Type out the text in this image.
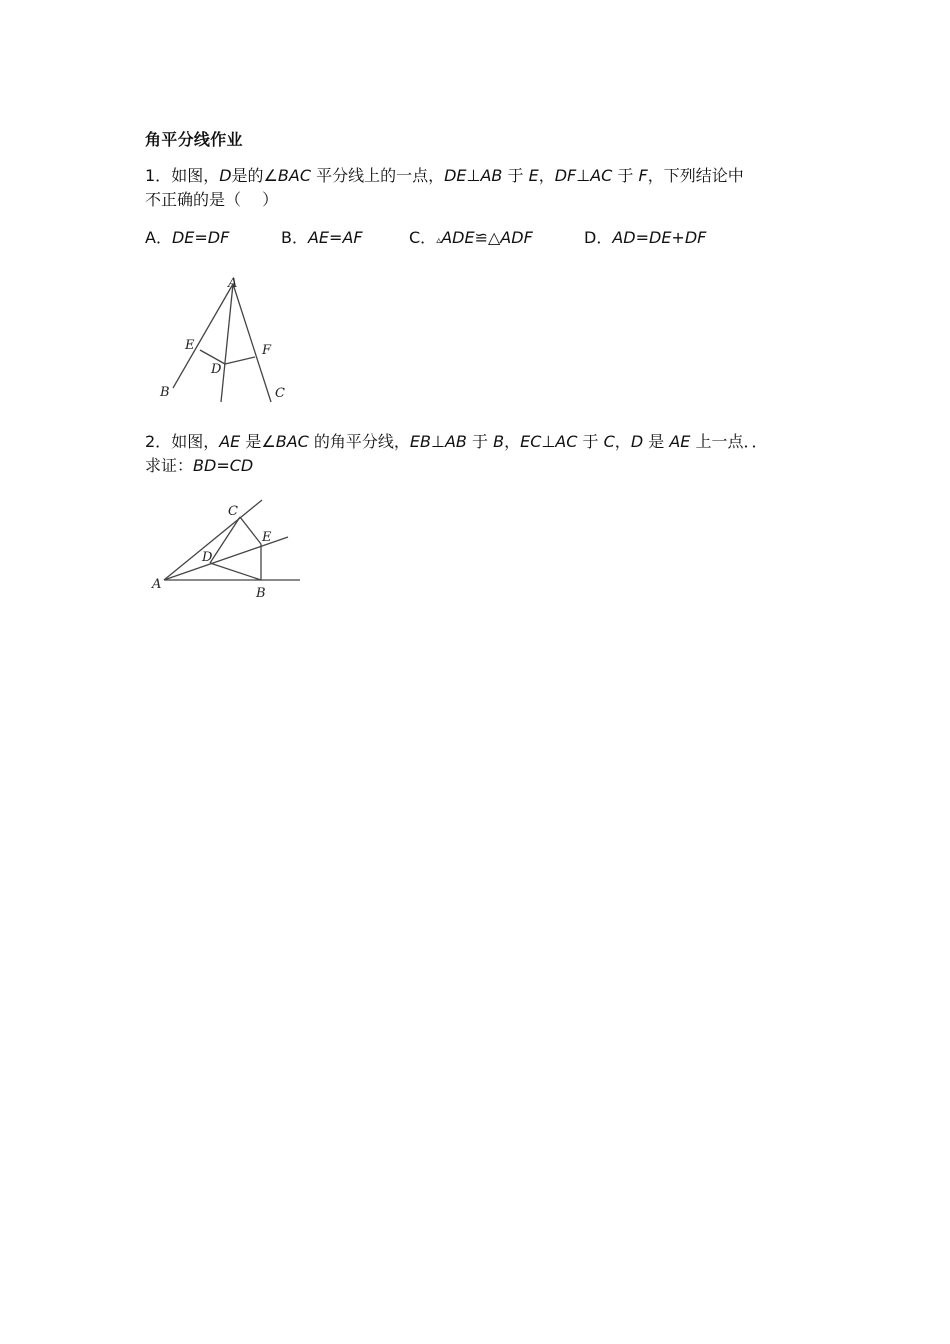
角平分线作业
1．如图，D是的∠BAC 平分线上的一点，DE⊥AB 于 E，DF⊥AC 于 F，下列结论中
不正确的是（　 ）
A．DE=DF	B．AE=AF	C．▵ADE≌△ADF	D．AD=DE+DF
A
B	C
D
E	F
2．如图，AE 是∠BAC 的角平分线，EB⊥AB 于 B，EC⊥AC 于 C，D 是 AE 上一点．．
求证：BD=CD
A
B
C
D
E
